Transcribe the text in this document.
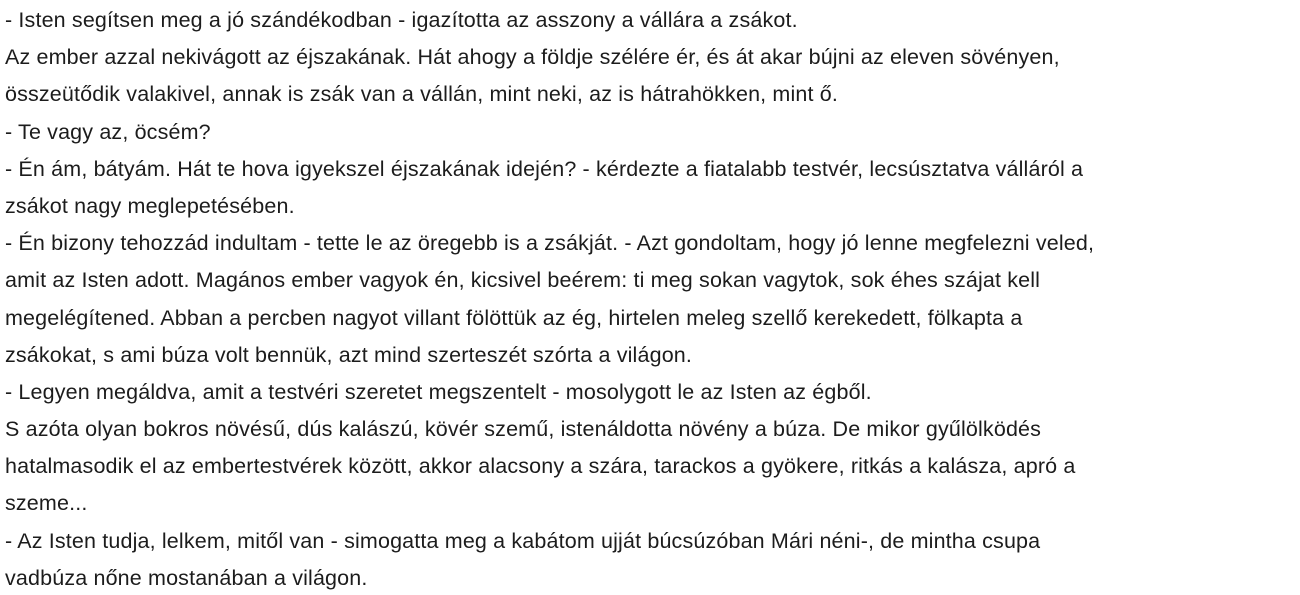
- Isten segítsen meg a jó szándékodban - igazította az asszony a vállára a zsákot.
Az ember azzal nekivágott az éjszakának. Hát ahogy a földje szélére ér, és át akar bújni az eleven sövényen,
összeütődik valakivel, annak is zsák van a vállán, mint neki, az is hátrahökken, mint ő.
- Te vagy az, öcsém?
- Én ám, bátyám. Hát te hova igyekszel éjszakának idején? - kérdezte a fiatalabb testvér, lecsúsztatva válláról a
zsákot nagy meglepetésében.
- Én bizony tehozzád indultam - tette le az öregebb is a zsákját. - Azt gondoltam, hogy jó lenne megfelezni veled,
amit az Isten adott. Magános ember vagyok én, kicsivel beérem: ti meg sokan vagytok, sok éhes szájat kell
megelégítened. Abban a percben nagyot villant fölöttük az ég, hirtelen meleg szellő kerekedett, fölkapta a
zsákokat, s ami búza volt bennük, azt mind szerteszét szórta a világon.
- Legyen megáldva, amit a testvéri szeretet megszentelt - mosolygott le az Isten az égből.
S azóta olyan bokros növésű, dús kalászú, kövér szemű, istenáldotta növény a búza. De mikor gyűlölködés
hatalmasodik el az embertestvérek között, akkor alacsony a szára, tarackos a gyökere, ritkás a kalásza, apró a
szeme...
- Az Isten tudja, lelkem, mitől van - simogatta meg a kabátom ujját búcsúzóban Mári néni-, de mintha csupa
vadbúza nőne mostanában a világon.
